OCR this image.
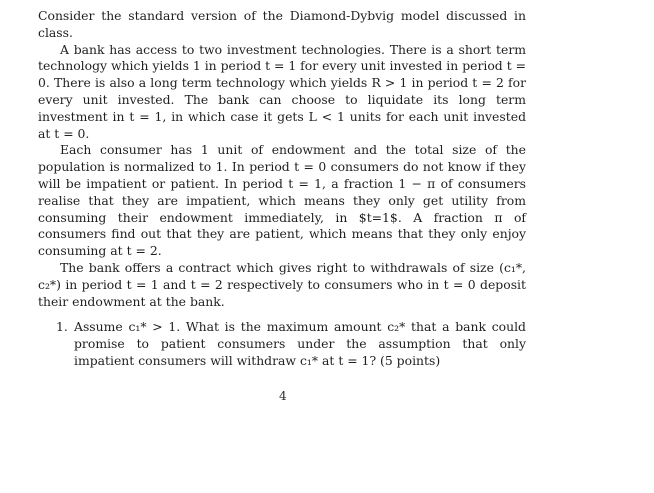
Consider the standard version of the Diamond-Dybvig model discussed in class.

A bank has access to two investment technologies. There is a short term technology which yields 1 in period t = 1 for every unit invested in period t = 0. There is also a long term technology which yields R > 1 in period t = 2 for every unit invested. The bank can choose to liquidate its long term investment in t = 1, in which case it gets L < 1 units for each unit invested at t = 0.

Each consumer has 1 unit of endowment and the total size of the population is normalized to 1. In period t = 0 consumers do not know if they will be impatient or patient. In period t = 1, a fraction 1 − π of consumers realise that they are impatient, which means they only get utility from consuming their endowment immediately, in $t=1$. A fraction π of consumers find out that they are patient, which means that they only enjoy consuming at t = 2.

The bank offers a contract which gives right to withdrawals of size (c₁*, c₂*) in period t = 1 and t = 2 respectively to consumers who in t = 0 deposit their endowment at the bank.

1. Assume c₁* > 1. What is the maximum amount c₂* that a bank could promise to patient consumers under the assumption that only impatient consumers will withdraw c₁* at t = 1? (5 points)
4
